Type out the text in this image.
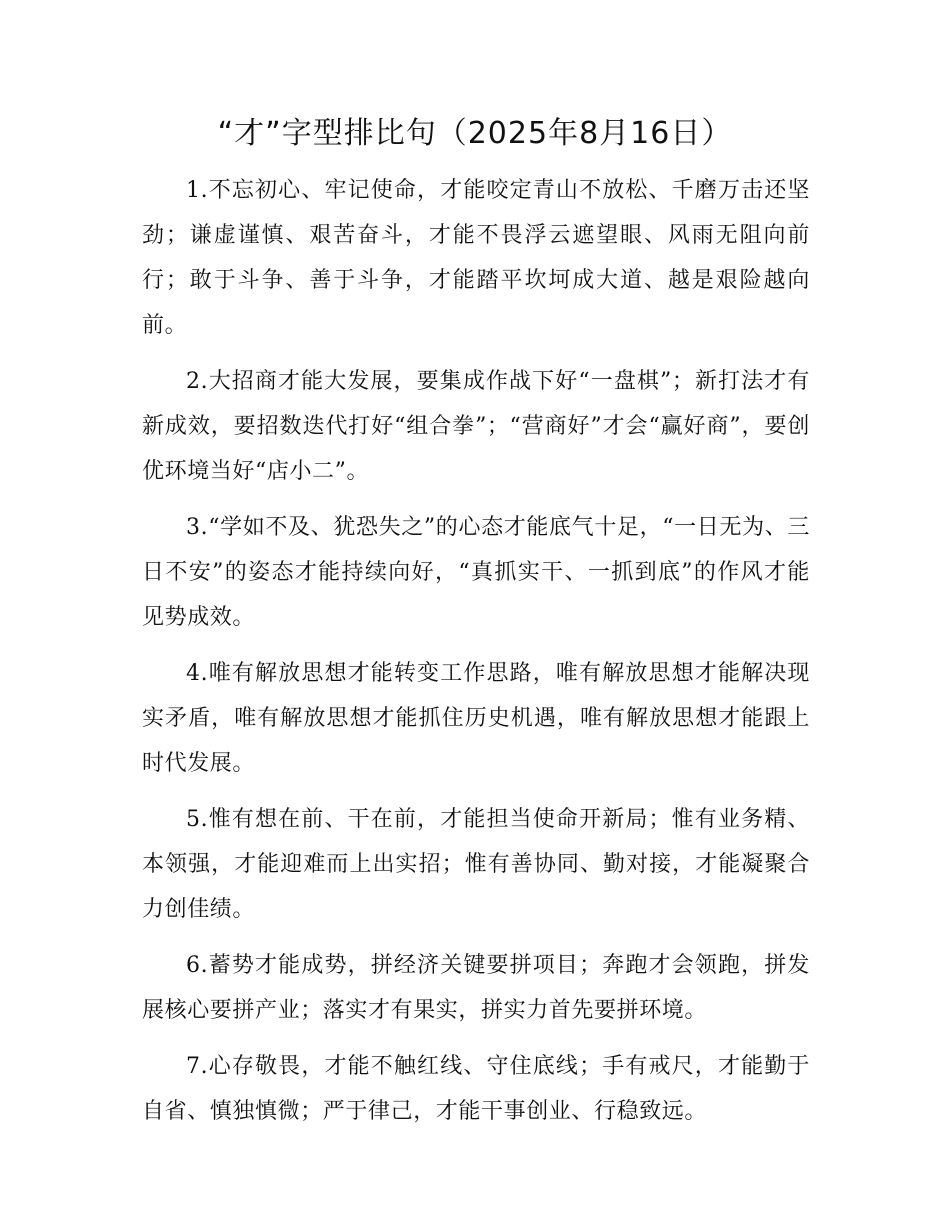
“才”字型排比句（2025年8月16日）

1.不忘初心、牢记使命，才能咬定青山不放松、千磨万击还坚劲；谦虚谨慎、艰苦奋斗，才能不畏浮云遮望眼、风雨无阻向前行；敢于斗争、善于斗争，才能踏平坎坷成大道、越是艰险越向前。

2.大招商才能大发展，要集成作战下好“一盘棋”；新打法才有新成效，要招数迭代打好“组合拳”；“营商好”才会“赢好商”，要创优环境当好“店小二”。

3.“学如不及、犹恐失之”的心态才能底气十足，“一日无为、三日不安”的姿态才能持续向好，“真抓实干、一抓到底”的作风才能见势成效。

4.唯有解放思想才能转变工作思路，唯有解放思想才能解决现实矛盾，唯有解放思想才能抓住历史机遇，唯有解放思想才能跟上时代发展。

5.惟有想在前、干在前，才能担当使命开新局；惟有业务精、本领强，才能迎难而上出实招；惟有善协同、勤对接，才能凝聚合力创佳绩。

6.蓄势才能成势，拼经济关键要拼项目；奔跑才会领跑，拼发展核心要拼产业；落实才有果实，拼实力首先要拼环境。

7.心存敬畏，才能不触红线、守住底线；手有戒尺，才能勤于自省、慎独慎微；严于律己，才能干事创业、行稳致远。
